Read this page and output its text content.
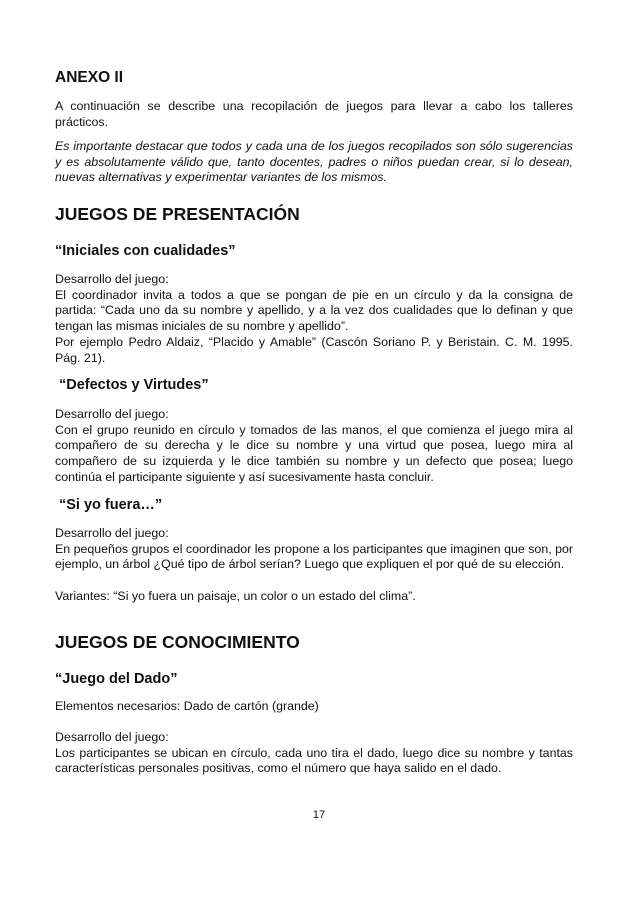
ANEXO II
A continuación se describe una recopilación de juegos para llevar a cabo los talleres prácticos.
Es importante destacar que todos y cada una de los juegos recopilados son sólo sugerencias y es absolutamente válido que, tanto docentes, padres o niños puedan crear, si lo desean, nuevas alternativas y experimentar variantes de los mismos.
JUEGOS DE PRESENTACIÓN
“Iniciales con cualidades”
Desarrollo del juego:
El coordinador invita a todos a que se pongan de pie en un círculo y da la consigna de partida: “Cada uno da su nombre y apellido, y a la vez dos cualidades que lo definan y que tengan las mismas iniciales de su nombre y apellido”.
Por ejemplo Pedro Aldaiz, “Placido y Amable” (Cascón Soriano P. y Beristain. C. M. 1995. Pág. 21).
“Defectos y Virtudes”
Desarrollo del juego:
Con el grupo reunido en círculo y tomados de las manos, el que comienza el juego mira al compañero de su derecha y le dice su nombre y una virtud que posea, luego mira al compañero de su izquierda y le dice también su nombre y un defecto que posea; luego continúa el participante siguiente y así sucesivamente hasta concluir.
“Si yo fuera…”
Desarrollo del juego:
En pequeños grupos el coordinador les propone a los participantes que imaginen que son, por ejemplo, un árbol ¿Qué tipo de árbol serían? Luego que expliquen el por qué de su elección.
Variantes: “Si yo fuera un paisaje, un color o un estado del clima”.
JUEGOS DE CONOCIMIENTO
“Juego del Dado”
Elementos necesarios: Dado de cartón (grande)
Desarrollo del juego:
Los participantes se ubican en círculo, cada uno tira el dado, luego dice su nombre y tantas características personales positivas, como el número que haya salido en el dado.
17
